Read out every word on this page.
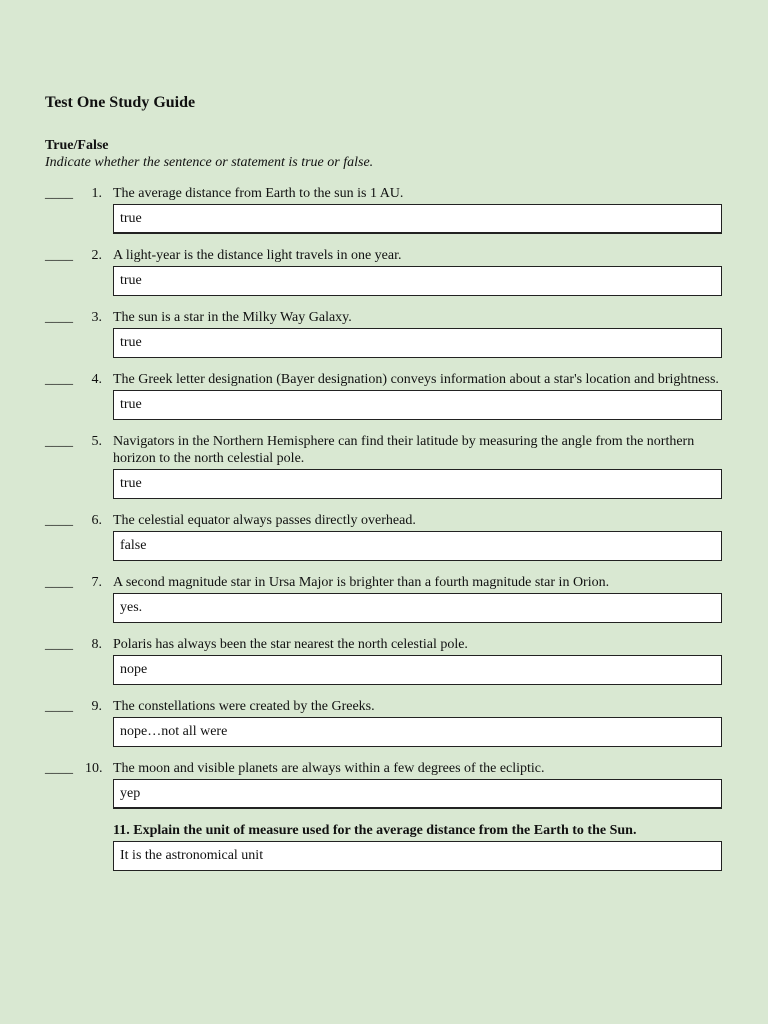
Test One Study Guide
True/False
Indicate whether the sentence or statement is true or false.
____	1. The average distance from Earth to the sun is 1 AU.
true
____	2. A light-year is the distance light travels in one year.
true
____	3. The sun is a star in the Milky Way Galaxy.
true
____	4. The Greek letter designation (Bayer designation) conveys information about a star's location and brightness.
true
____	5. Navigators in the Northern Hemisphere can find their latitude by measuring the angle from the northern horizon to the north celestial pole.
true
____	6. The celestial equator always passes directly overhead.
false
____	7. A second magnitude star in Ursa Major is brighter than a fourth magnitude star in Orion.
yes.
____	8. Polaris has always been the star nearest the north celestial pole.
nope
____	9. The constellations were created by the Greeks.
nope…not all were
____ 10. The moon and visible planets are always within a few degrees of the ecliptic.
yep
11. Explain the unit of measure used for the average distance from the Earth to the Sun.
It is the astronomical unit
